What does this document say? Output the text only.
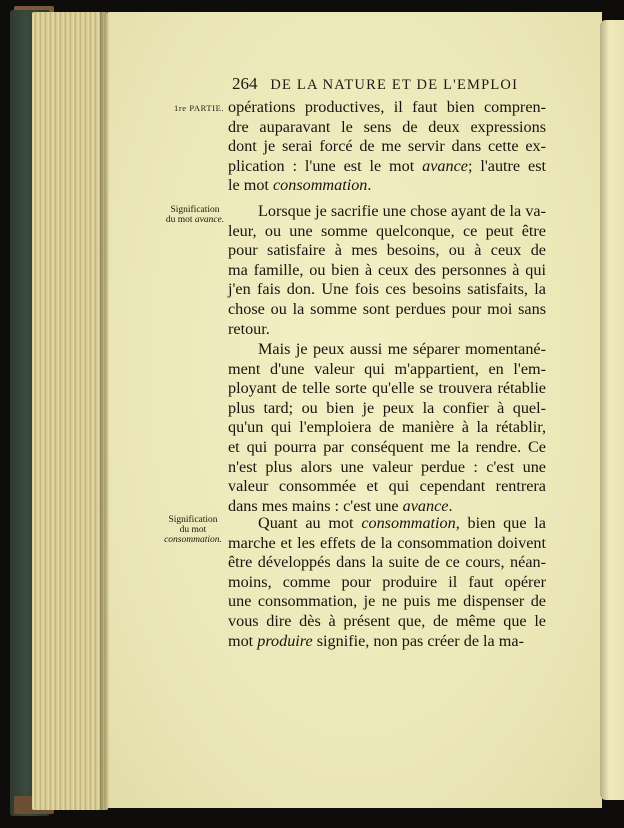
264 DE LA NATURE ET DE L'EMPLOI
1re PARTIE.
Signification
du mot avance.
Signification
du mot
consommation.
opérations productives, il faut bien compren-
dre auparavant le sens de deux expressions
dont je serai forcé de me servir dans cette ex-
plication : l'une est le mot avance; l'autre est
le mot consommation.
Lorsque je sacrifie une chose ayant de la va-
leur, ou une somme quelconque, ce peut être
pour satisfaire à mes besoins, ou à ceux de
ma famille, ou bien à ceux des personnes à qui
j'en fais don. Une fois ces besoins satisfaits, la
chose ou la somme sont perdues pour moi sans
retour.
Mais je peux aussi me séparer momentané-
ment d'une valeur qui m'appartient, en l'em-
ployant de telle sorte qu'elle se trouvera rétablie
plus tard; ou bien je peux la confier à quel-
qu'un qui l'emploiera de manière à la rétablir,
et qui pourra par conséquent me la rendre. Ce
n'est plus alors une valeur perdue : c'est une
valeur consommée et qui cependant rentrera
dans mes mains : c'est une avance.
Quant au mot consommation, bien que la
marche et les effets de la consommation doivent
être développés dans la suite de ce cours, néan-
moins, comme pour produire il faut opérer
une consommation, je ne puis me dispenser de
vous dire dès à présent que, de même que le
mot produire signifie, non pas créer de la ma-
